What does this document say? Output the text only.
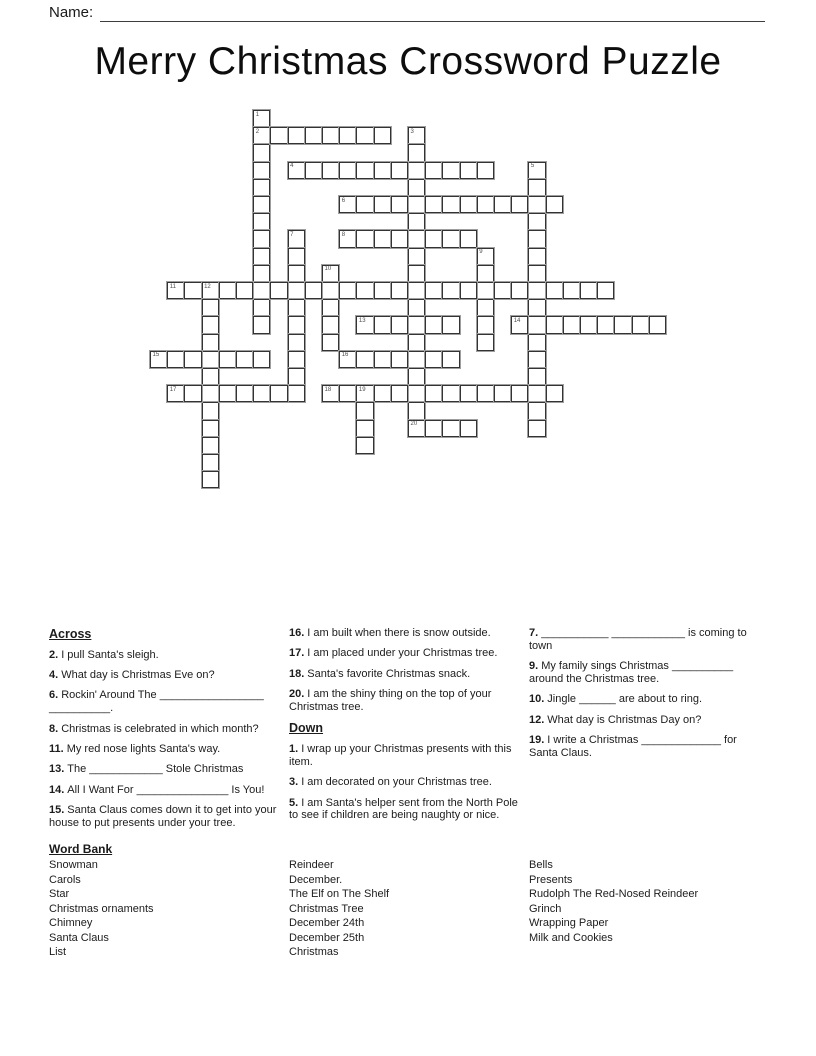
Name:
Merry Christmas Crossword Puzzle
1
2	3
20
4	5
6
7	8
9
10
11	12
13	14
15	16
17	18	19
Across
2. I pull Santa's sleigh.
4. What day is Christmas Eve on?
6. Rockin' Around The _________________ __________.
8. Christmas is celebrated in which month?
11. My red nose lights Santa's way.
13. The ____________ Stole Christmas
14. All I Want For _______________ Is You!
15. Santa Claus comes down it to get into your house to put presents under your tree.
16. I am built when there is snow outside.
17. I am placed under your Christmas tree.
18. Santa's favorite Christmas snack.
20. I am the shiny thing on the top of your Christmas tree.
Down
1. I wrap up your Christmas presents with this item.
3. I am decorated on your Christmas tree.
5. I am Santa's helper sent from the North Pole to see if children are being naughty or nice.
7. ___________ ____________ is coming to town
9. My family sings Christmas __________ around the Christmas tree.
10. Jingle ______ are about to ring.
12. What day is Christmas Day on?
19. I write a Christmas _____________ for Santa Claus.
Word Bank
Snowman
Carols
Star
Christmas ornaments
Chimney
Santa Claus
List
Reindeer
December.
The Elf on The Shelf
Christmas Tree
December 24th
December 25th
Christmas
Bells
Presents
Rudolph The Red-Nosed Reindeer
Grinch
Wrapping Paper
Milk and Cookies
